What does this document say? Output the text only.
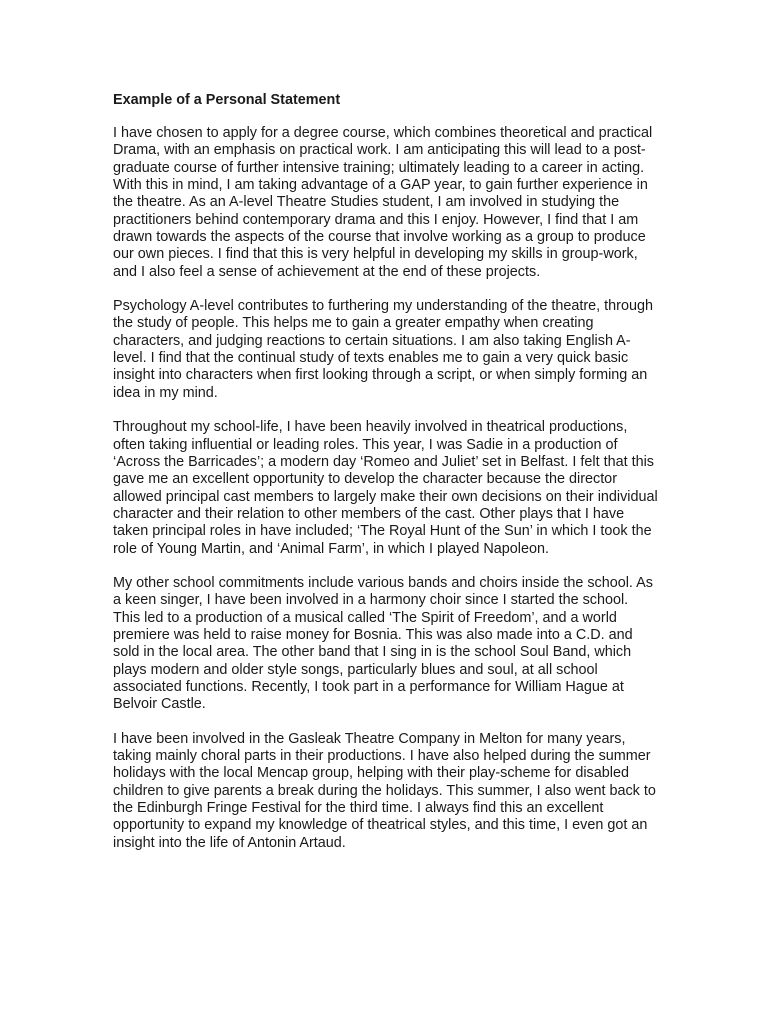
Example of a Personal Statement

I have chosen to apply for a degree course, which combines theoretical and practical Drama, with an emphasis on practical work. I am anticipating this will lead to a post-graduate course of further intensive training; ultimately leading to a career in acting. With this in mind, I am taking advantage of a GAP year, to gain further experience in the theatre. As an A-level Theatre Studies student, I am involved in studying the practitioners behind contemporary drama and this I enjoy. However, I find that I am drawn towards the aspects of the course that involve working as a group to produce our own pieces. I find that this is very helpful in developing my skills in group-work, and I also feel a sense of achievement at the end of these projects.

Psychology A-level contributes to furthering my understanding of the theatre, through the study of people. This helps me to gain a greater empathy when creating characters, and judging reactions to certain situations. I am also taking English A-level. I find that the continual study of texts enables me to gain a very quick basic insight into characters when first looking through a script, or when simply forming an idea in my mind.

Throughout my school-life, I have been heavily involved in theatrical productions, often taking influential or leading roles. This year, I was Sadie in a production of ‘Across the Barricades’; a modern day ‘Romeo and Juliet’ set in Belfast. I felt that this gave me an excellent opportunity to develop the character because the director allowed principal cast members to largely make their own decisions on their individual character and their relation to other members of the cast. Other plays that I have taken principal roles in have included; ‘The Royal Hunt of the Sun’ in which I took the role of Young Martin, and ‘Animal Farm’, in which I played Napoleon.

My other school commitments include various bands and choirs inside the school. As a keen singer, I have been involved in a harmony choir since I started the school. This led to a production of a musical called ‘The Spirit of Freedom’, and a world premiere was held to raise money for Bosnia. This was also made into a C.D. and sold in the local area. The other band that I sing in is the school Soul Band, which plays modern and older style songs, particularly blues and soul, at all school associated functions. Recently, I took part in a performance for William Hague at Belvoir Castle.

I have been involved in the Gasleak Theatre Company in Melton for many years, taking mainly choral parts in their productions. I have also helped during the summer holidays with the local Mencap group, helping with their play-scheme for disabled children to give parents a break during the holidays. This summer, I also went back to the Edinburgh Fringe Festival for the third time. I always find this an excellent opportunity to expand my knowledge of theatrical styles, and this time, I even got an insight into the life of Antonin Artaud.
